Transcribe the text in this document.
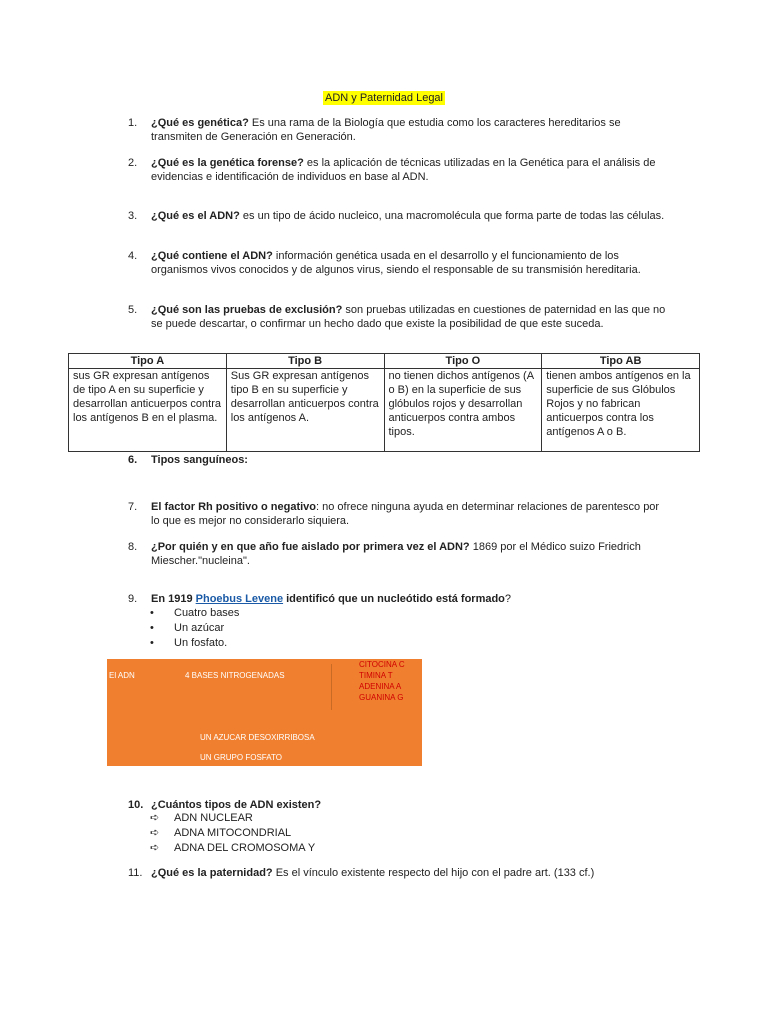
ADN y Paternidad Legal
1. ¿Qué es genética? Es una rama de la Biología que estudia como los caracteres hereditarios se transmiten de Generación en Generación.
2. ¿Qué es la genética forense? es la aplicación de técnicas utilizadas en la Genética para el análisis de evidencias e identificación de individuos en base al ADN.
3. ¿Qué es el ADN? es un tipo de ácido nucleico, una macromolécula que forma parte de todas las células.
4. ¿Qué contiene el ADN? información genética usada en el desarrollo y el funcionamiento de los organismos vivos conocidos y de algunos virus, siendo el responsable de su transmisión hereditaria.
5. ¿Qué son las pruebas de exclusión? son pruebas utilizadas en cuestiones de paternidad en las que no se puede descartar, o confirmar un hecho dado que existe la posibilidad de que este suceda.
Tipo A	Tipo B	Tipo O	Tipo AB
sus GR expresan antígenos de tipo A en su superficie y desarrollan anticuerpos contra los antígenos B en el plasma.	Sus GR expresan antígenos tipo B en su superficie y desarrollan anticuerpos contra los antígenos A.	no tienen dichos antígenos (A o B) en la superficie de sus glóbulos rojos y desarrollan anticuerpos contra ambos tipos.	tienen ambos antígenos en la superficie de sus Glóbulos Rojos y no fabrican anticuerpos contra los antígenos A o B.
6. Tipos sanguíneos:
7. El factor Rh positivo o negativo: no ofrece ninguna ayuda en determinar relaciones de parentesco por lo que es mejor no considerarlo siquiera.
8. ¿Por quién y en que año fue aislado por primera vez el ADN? 1869 por el Médico suizo Friedrich Miescher."nucleina".
9. En 1919 Phoebus Levene identificó que un nucleótido está formado?
• Cuatro bases
• Un azúcar
• Un fosfato.
El ADN	4 BASES NITROGENADAS
CITOCINA C
TIMINA T
ADENINA A
GUANINA G
UN AZUCAR DESOXIRRIBOSA
UN GRUPO FOSFATO
10. ¿Cuántos tipos de ADN existen?
➪ ADN NUCLEAR
➪ ADNA MITOCONDRIAL
➪ ADNA DEL CROMOSOMA Y
11. ¿Qué es la paternidad? Es el vínculo existente respecto del hijo con el padre art. (133 cf.)
